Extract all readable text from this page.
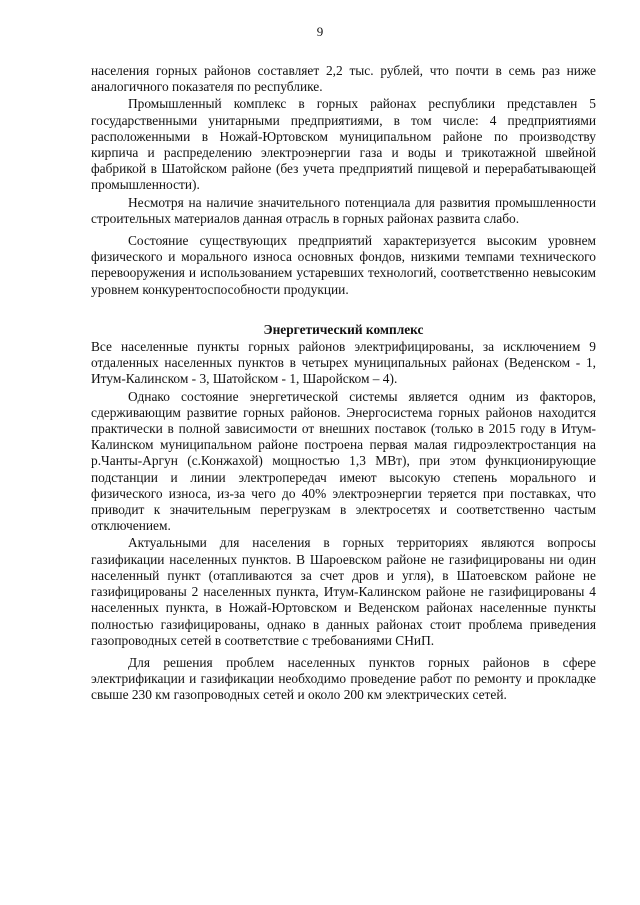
9

населения горных районов составляет 2,2 тыс. рублей, что почти в семь раз ниже аналогичного показателя по республике.

Промышленный комплекс в горных районах республики представлен 5 государственными унитарными предприятиями, в том числе: 4 предприятиями расположенными в Ножай-Юртовском муниципальном районе по производству кирпича и распределению электроэнергии газа и воды и трикотажной швейной фабрикой в Шатойском районе (без учета предприятий пищевой и перерабатывающей промышленности).

Несмотря на наличие значительного потенциала для развития промышленности строительных материалов данная отрасль в горных районах развита слабо.

Состояние существующих предприятий характеризуется высоким уровнем физического и морального износа основных фондов, низкими темпами технического перевооружения и использованием устаревших технологий, соответственно невысоким уровнем конкурентоспособности продукции.

Энергетический комплекс

Все населенные пункты горных районов электрифицированы, за исключением 9 отдаленных населенных пунктов в четырех муниципальных районах (Веденском - 1, Итум-Калинском - 3, Шатойском - 1, Шаройском – 4).

Однако состояние энергетической системы является одним из факторов, сдерживающим развитие горных районов. Энергосистема горных районов находится практически в полной зависимости от внешних поставок (только в 2015 году в Итум-Калинском муниципальном районе построена первая малая гидроэлектростанция на р.Чанты-Аргун (с.Конжахой) мощностью 1,3 МВт), при этом функционирующие подстанции и линии электропередач имеют высокую степень морального и физического износа, из-за чего до 40% электроэнергии теряется при поставках, что приводит к значительным перегрузкам в электросетях и соответственно частым отключением.

Актуальными для населения в горных территориях являются вопросы газификации населенных пунктов. В Шароевском районе не газифицированы ни один населенный пункт (отапливаются за счет дров и угля), в Шатоевском районе не газифицированы 2 населенных пункта, Итум-Калинском районе не газифицированы 4 населенных пункта, в Ножай-Юртовском и Веденском районах населенные пункты полностью газифицированы, однако в данных районах стоит проблема приведения газопроводных сетей в соответствие с требованиями СНиП.

Для решения проблем населенных пунктов горных районов в сфере электрификации и газификации необходимо проведение работ по ремонту и прокладке свыше 230 км газопроводных сетей и около 200 км электрических сетей.
